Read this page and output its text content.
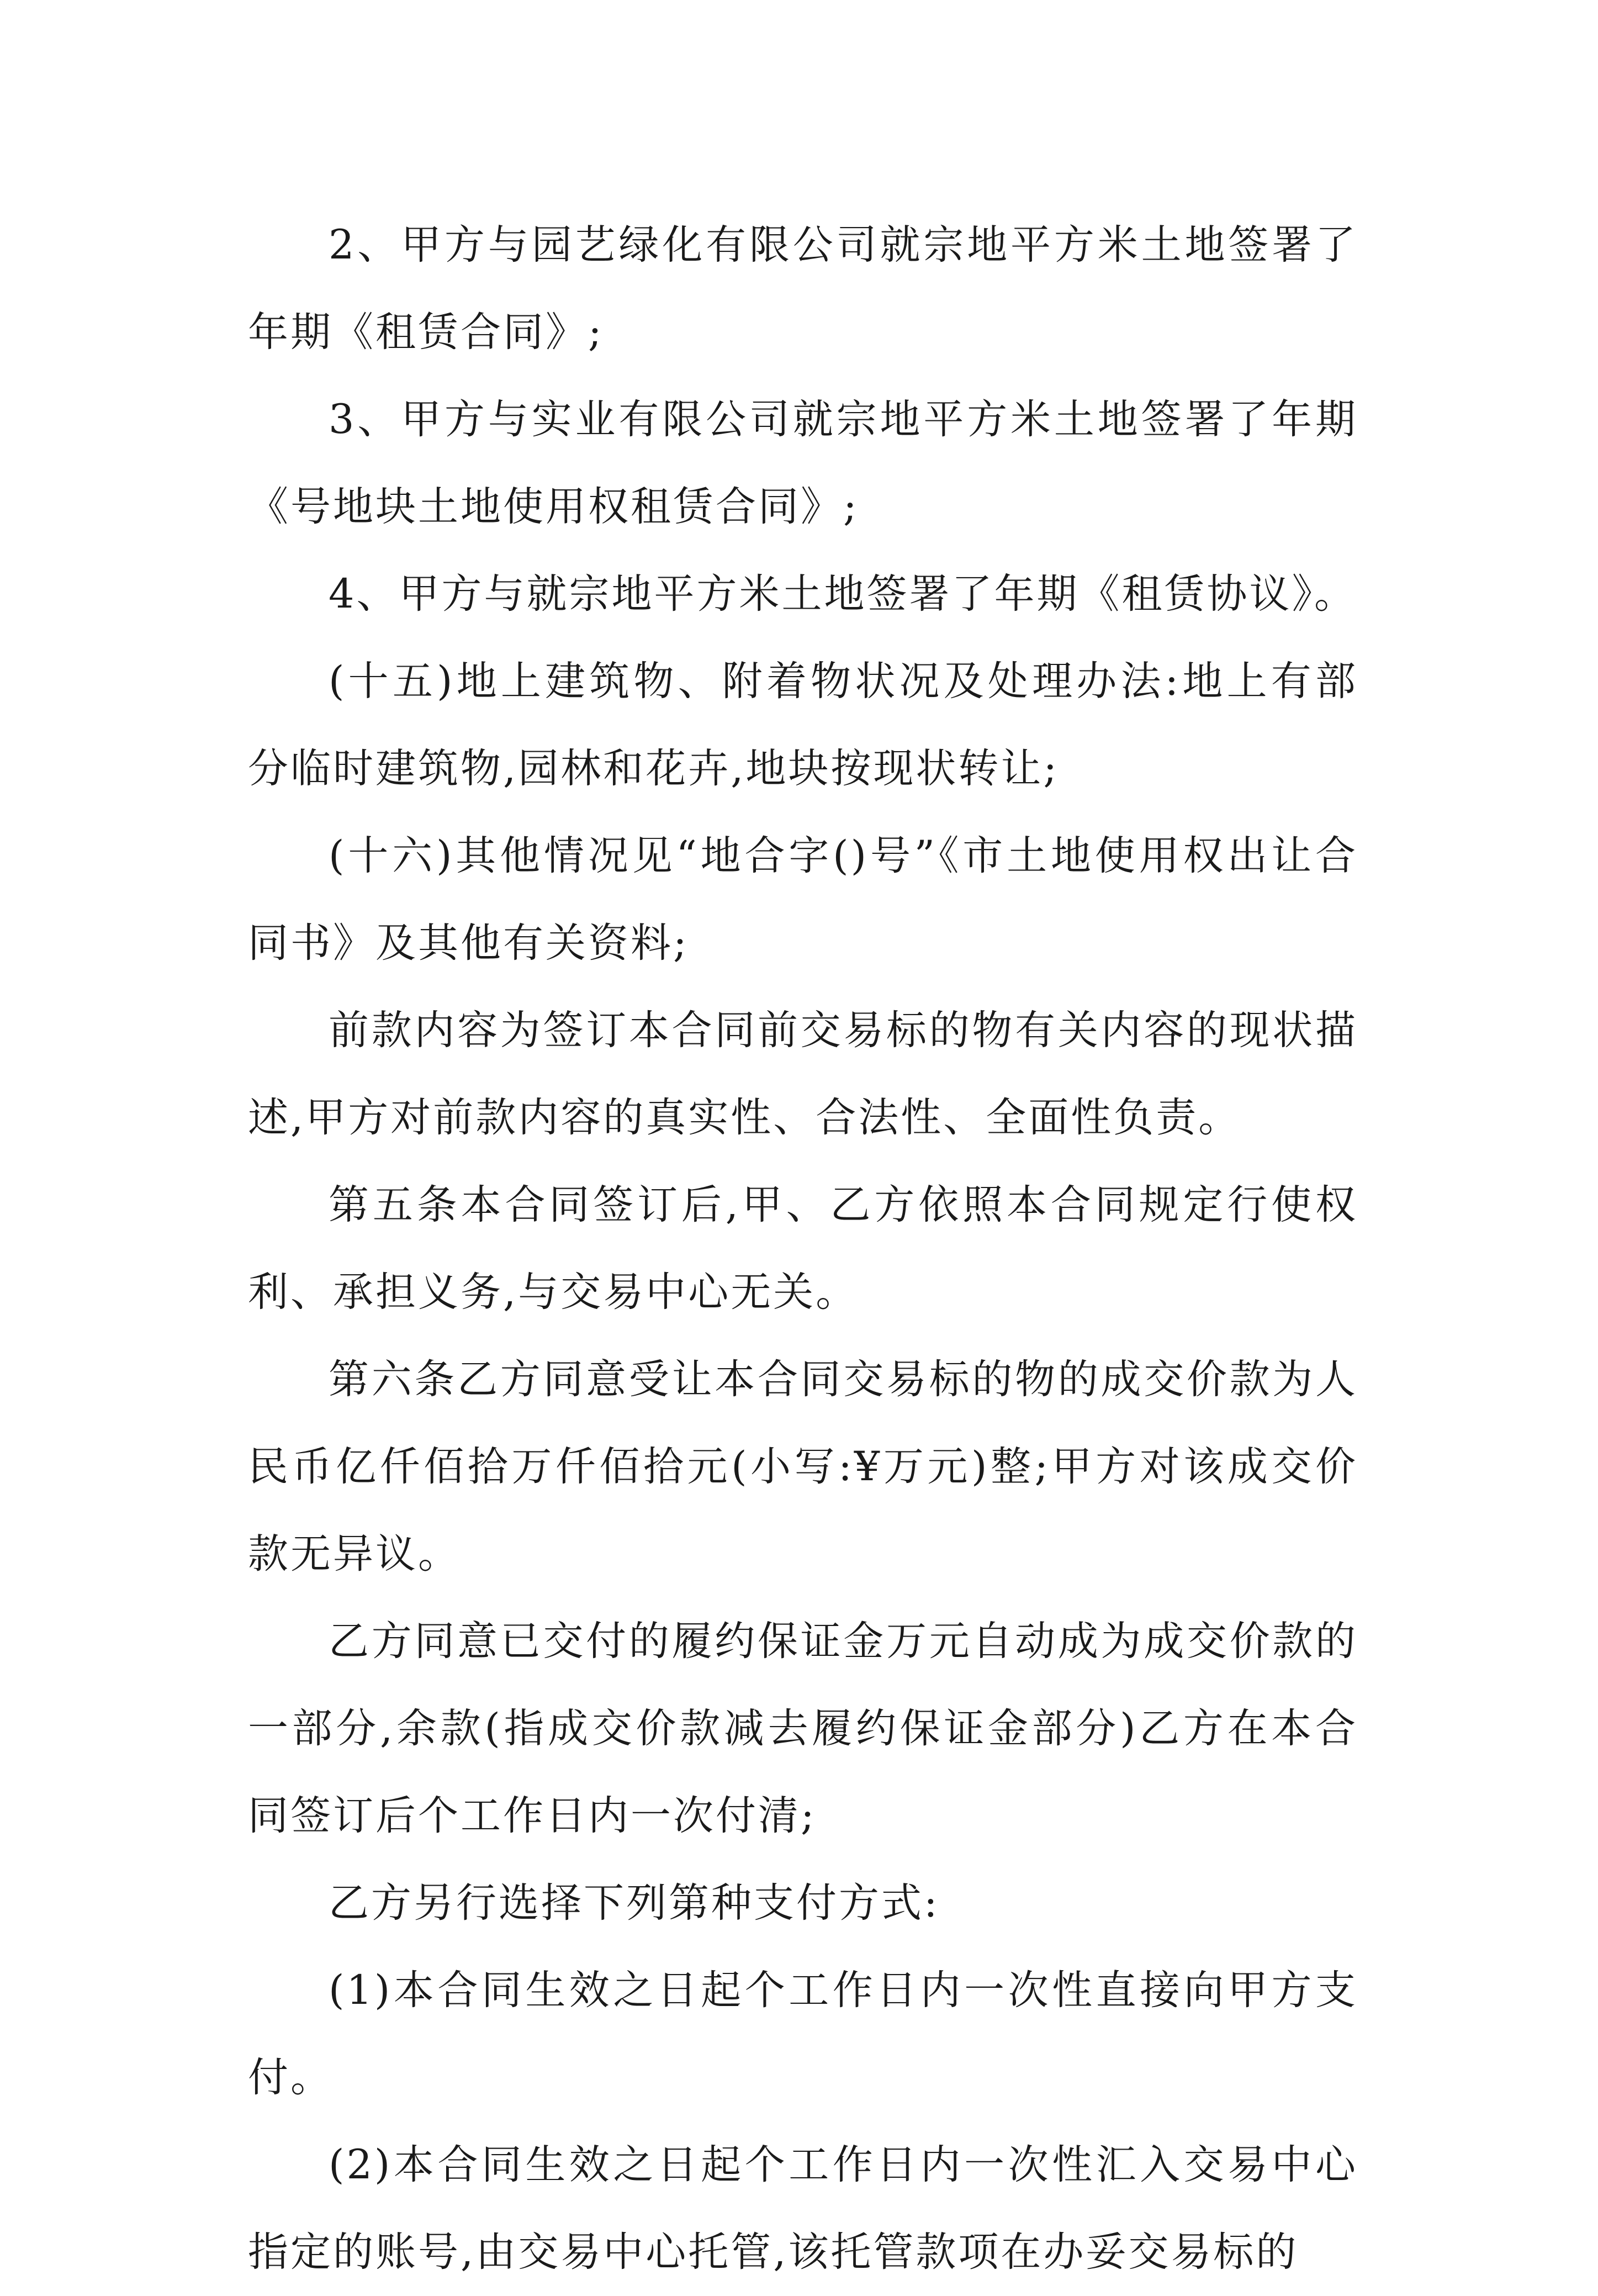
2、甲方与园艺绿化有限公司就宗地平方米土地签署了年期《租赁合同》;

3、甲方与实业有限公司就宗地平方米土地签署了年期《号地块土地使用权租赁合同》;

4、甲方与就宗地平方米土地签署了年期《租赁协议》。

(十五)地上建筑物、附着物状况及处理办法:地上有部分临时建筑物,园林和花卉,地块按现状转让;

(十六)其他情况见“地合字()号”《市土地使用权出让合同书》及其他有关资料;

前款内容为签订本合同前交易标的物有关内容的现状描述,甲方对前款内容的真实性、合法性、全面性负责。

第五条本合同签订后,甲、乙方依照本合同规定行使权利、承担义务,与交易中心无关。

第六条乙方同意受让本合同交易标的物的成交价款为人民币亿仟佰拾万仟佰拾元(小写:¥万元)整;甲方对该成交价款无异议。

乙方同意已交付的履约保证金万元自动成为成交价款的一部分,余款(指成交价款减去履约保证金部分)乙方在本合同签订后个工作日内一次付清;

乙方另行选择下列第种支付方式:

(1)本合同生效之日起个工作日内一次性直接向甲方支付。

(2)本合同生效之日起个工作日内一次性汇入交易中心指定的账号,由交易中心托管,该托管款项在办妥交易标的
